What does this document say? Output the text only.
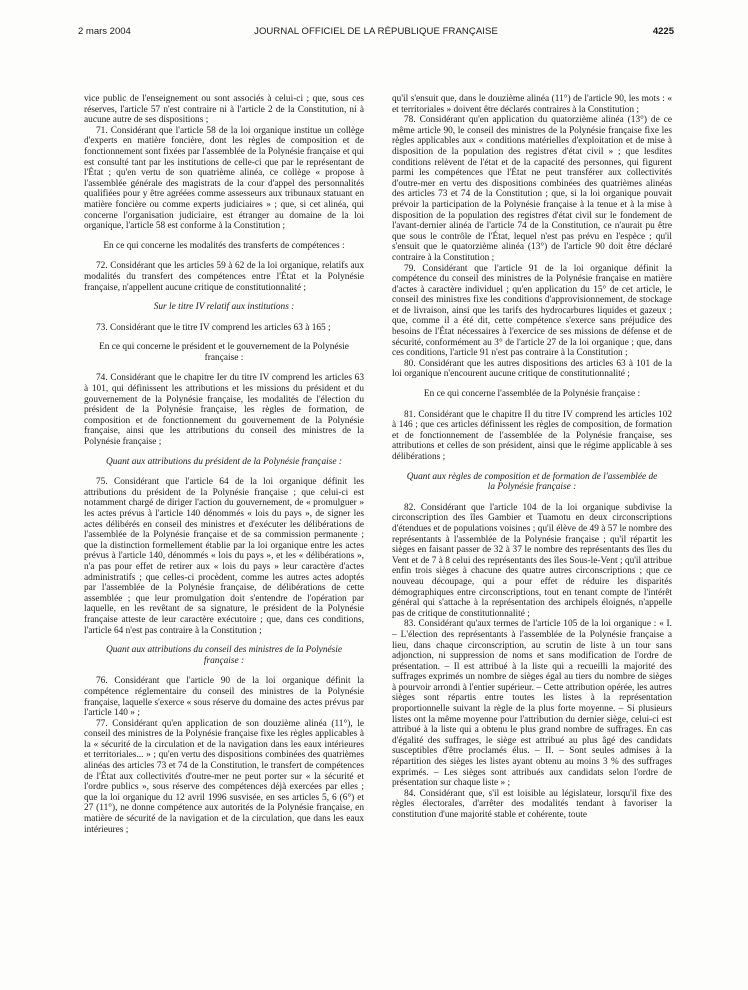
2 mars 2004	JOURNAL OFFICIEL DE LA RÉPUBLIQUE FRANÇAISE	4225

vice public de l'enseignement ou sont associés à celui-ci ; que, sous ces réserves, l'article 57 n'est contraire ni à l'article 2 de la Constitution, ni à aucune autre de ses dispositions ;

71. Considérant que l'article 58 de la loi organique institue un collège d'experts en matière foncière, dont les règles de composition et de fonctionnement sont fixées par l'assemblée de la Polynésie française et qui est consulté tant par les institutions de celle-ci que par le représentant de l'État ; qu'en vertu de son quatrième alinéa, ce collège « propose à l'assemblée générale des magistrats de la cour d'appel des personnalités qualifiées pour y être agréées comme assesseurs aux tribunaux statuant en matière foncière ou comme experts judiciaires » ; que, si cet alinéa, qui concerne l'organisation judiciaire, est étranger au domaine de la loi organique, l'article 58 est conforme à la Constitution ;

En ce qui concerne les modalités des transferts de compétences :

72. Considérant que les articles 59 à 62 de la loi organique, relatifs aux modalités du transfert des compétences entre l'État et la Polynésie française, n'appellent aucune critique de constitutionnalité ;

Sur le titre IV relatif aux institutions :

73. Considérant que le titre IV comprend les articles 63 à 165 ;

En ce qui concerne le président et le gouvernement de la Polynésie française :

74. Considérant que le chapitre Ier du titre IV comprend les articles 63 à 101, qui définissent les attributions et les missions du président et du gouvernement de la Polynésie française, les modalités de l'élection du président de la Polynésie française, les règles de formation, de composition et de fonctionnement du gouvernement de la Polynésie française, ainsi que les attributions du conseil des ministres de la Polynésie française ;

Quant aux attributions du président de la Polynésie française :

75. Considérant que l'article 64 de la loi organique définit les attributions du président de la Polynésie française ; que celui-ci est notamment chargé de diriger l'action du gouvernement, de « promulguer » les actes prévus à l'article 140 dénommés « lois du pays », de signer les actes délibérés en conseil des ministres et d'exécuter les délibérations de l'assemblée de la Polynésie française et de sa commission permanente ; que la distinction formellement établie par la loi organique entre les actes prévus à l'article 140, dénommés « lois du pays », et les « délibérations », n'a pas pour effet de retirer aux « lois du pays » leur caractère d'actes administratifs ; que celles-ci procèdent, comme les autres actes adoptés par l'assemblée de la Polynésie française, de délibérations de cette assemblée ; que leur promulgation doit s'entendre de l'opération par laquelle, en les revêtant de sa signature, le président de la Polynésie française atteste de leur caractère exécutoire ; que, dans ces conditions, l'article 64 n'est pas contraire à la Constitution ;

Quant aux attributions du conseil des ministres de la Polynésie française :

76. Considérant que l'article 90 de la loi organique définit la compétence réglementaire du conseil des ministres de la Polynésie française, laquelle s'exerce « sous réserve du domaine des actes prévus par l'article 140 » ;

77. Considérant qu'en application de son douzième alinéa (11°), le conseil des ministres de la Polynésie française fixe les règles applicables à la « sécurité de la circulation et de la navigation dans les eaux intérieures et territoriales... » ; qu'en vertu des dispositions combinées des quatrièmes alinéas des articles 73 et 74 de la Constitution, le transfert de compétences de l'État aux collectivités d'outre-mer ne peut porter sur « la sécurité et l'ordre publics », sous réserve des compétences déjà exercées par elles ; que la loi organique du 12 avril 1996 susvisée, en ses articles 5, 6 (6°) et 27 (11°), ne donne compétence aux autorités de la Polynésie française, en matière de sécurité de la navigation et de la circulation, que dans les eaux intérieures ;

qu'il s'ensuit que, dans le douzième alinéa (11°) de l'article 90, les mots : « et territoriales » doivent être déclarés contraires à la Constitution ;

78. Considérant qu'en application du quatorzième alinéa (13°) de ce même article 90, le conseil des ministres de la Polynésie française fixe les règles applicables aux « conditions matérielles d'exploitation et de mise à disposition de la population des registres d'état civil » ; que lesdites conditions relèvent de l'état et de la capacité des personnes, qui figurent parmi les compétences que l'État ne peut transférer aux collectivités d'outre-mer en vertu des dispositions combinées des quatrièmes alinéas des articles 73 et 74 de la Constitution ; que, si la loi organique pouvait prévoir la participation de la Polynésie française à la tenue et à la mise à disposition de la population des registres d'état civil sur le fondement de l'avant-dernier alinéa de l'article 74 de la Constitution, ce n'aurait pu être que sous le contrôle de l'État, lequel n'est pas prévu en l'espèce ; qu'il s'ensuit que le quatorzième alinéa (13°) de l'article 90 doit être déclaré contraire à la Constitution ;

79. Considérant que l'article 91 de la loi organique définit la compétence du conseil des ministres de la Polynésie française en matière d'actes à caractère individuel ; qu'en application du 15° de cet article, le conseil des ministres fixe les conditions d'approvisionnement, de stockage et de livraison, ainsi que les tarifs des hydrocarbures liquides et gazeux ; que, comme il a été dit, cette compétence s'exerce sans préjudice des besoins de l'État nécessaires à l'exercice de ses missions de défense et de sécurité, conformément au 3° de l'article 27 de la loi organique ; que, dans ces conditions, l'article 91 n'est pas contraire à la Constitution ;

80. Considérant que les autres dispositions des articles 63 à 101 de la loi organique n'encourent aucune critique de constitutionnalité ;

En ce qui concerne l'assemblée de la Polynésie française :

81. Considérant que le chapitre II du titre IV comprend les articles 102 à 146 ; que ces articles définissent les règles de composition, de formation et de fonctionnement de l'assemblée de la Polynésie française, ses attributions et celles de son président, ainsi que le régime applicable à ses délibérations ;

Quant aux règles de composition et de formation de l'assemblée de la Polynésie française :

82. Considérant que l'article 104 de la loi organique subdivise la circonscription des îles Gambier et Tuamotu en deux circonscriptions d'étendues et de populations voisines ; qu'il élève de 49 à 57 le nombre des représentants à l'assemblée de la Polynésie française ; qu'il répartit les sièges en faisant passer de 32 à 37 le nombre des représentants des îles du Vent et de 7 à 8 celui des représentants des îles Sous-le-Vent ; qu'il attribue enfin trois sièges à chacune des quatre autres circonscriptions ; que ce nouveau découpage, qui a pour effet de réduire les disparités démographiques entre circonscriptions, tout en tenant compte de l'intérêt général qui s'attache à la représentation des archipels éloignés, n'appelle pas de critique de constitutionnalité ;

83. Considérant qu'aux termes de l'article 105 de la loi organique : « I. – L'élection des représentants à l'assemblée de la Polynésie française a lieu, dans chaque circonscription, au scrutin de liste à un tour sans adjonction, ni suppression de noms et sans modification de l'ordre de présentation. – Il est attribué à la liste qui a recueilli la majorité des suffrages exprimés un nombre de sièges égal au tiers du nombre de sièges à pourvoir arrondi à l'entier supérieur. – Cette attribution opérée, les autres sièges sont répartis entre toutes les listes à la représentation proportionnelle suivant la règle de la plus forte moyenne. – Si plusieurs listes ont la même moyenne pour l'attribution du dernier siège, celui-ci est attribué à la liste qui a obtenu le plus grand nombre de suffrages. En cas d'égalité des suffrages, le siège est attribué au plus âgé des candidats susceptibles d'être proclamés élus. – II. – Sont seules admises à la répartition des sièges les listes ayant obtenu au moins 3 % des suffrages exprimés. – Les sièges sont attribués aux candidats selon l'ordre de présentation sur chaque liste » ;

84. Considérant que, s'il est loisible au législateur, lorsqu'il fixe des règles électorales, d'arrêter des modalités tendant à favoriser la constitution d'une majorité stable et cohérente, toute
